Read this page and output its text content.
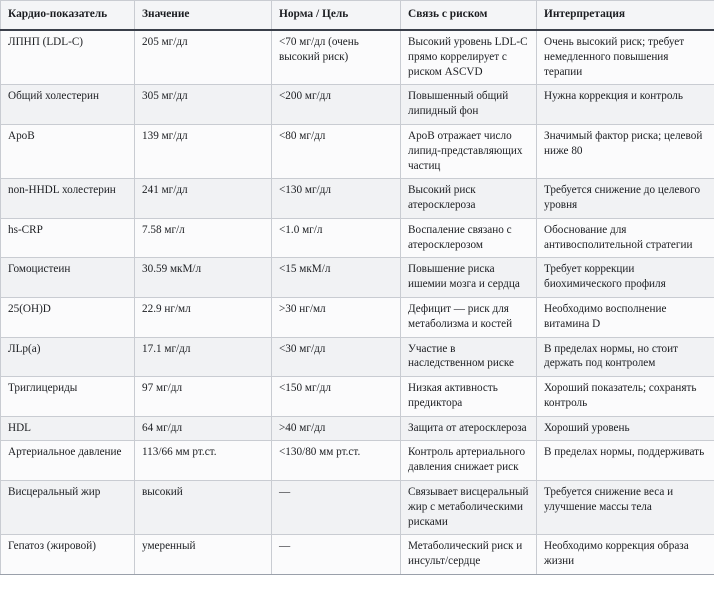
Кардио-показатель	Значение	Норма / Цель	Связь с риском	Интерпретация
ЛПНП (LDL-C)	205 мг/дл	<70 мг/дл (очень высокий риск)	Высокий уровень LDL-C прямо коррелирует с риском ASCVD	Очень высокий риск; требует немедленного повышения терапии
Общий холестерин	305 мг/дл	<200 мг/дл	Повышенный общий липидный фон	Нужна коррекция и контроль
ApoB	139 мг/дл	<80 мг/дл	ApoB отражает число липид-представляющих частиц	Значимый фактор риска; целевой ниже 80
non-HHDL холестерин	241 мг/дл	<130 мг/дл	Высокий риск атеросклероза	Требуется снижение до целевого уровня
hs-CRP	7.58 мг/л	<1.0 мг/л	Воспаление связано с атеросклерозом	Обоснование для антивосполительной стратегии
Гомоцистеин	30.59 мкМ/л	<15 мкМ/л	Повышение риска ишемии мозга и сердца	Требует коррекции биохимического профиля
25(OH)D	22.9 нг/мл	>30 нг/мл	Дефицит — риск для метаболизма и костей	Необходимо восполнение витамина D
ЛLp(a)	17.1 мг/дл	<30 мг/дл	Участие в наследственном риске	В пределах нормы, но стоит держать под контролем
Триглицериды	97 мг/дл	<150 мг/дл	Низкая активность предиктора	Хороший показатель; сохранять контроль
HDL	64 мг/дл	>40 мг/дл	Защита от атеросклероза	Хороший уровень
Артериальное давление	113/66 мм рт.ст.	<130/80 мм рт.ст.	Контроль артериального давления снижает риск	В пределах нормы, поддерживать
Висцеральный жир	высокий	—	Связывает висцеральный жир с метаболическими рисками	Требуется снижение веса и улучшение массы тела
Гепатоз (жировой)	умеренный	—	Метаболический риск и инсульт/сердце	Необходимо коррекция образа жизни
